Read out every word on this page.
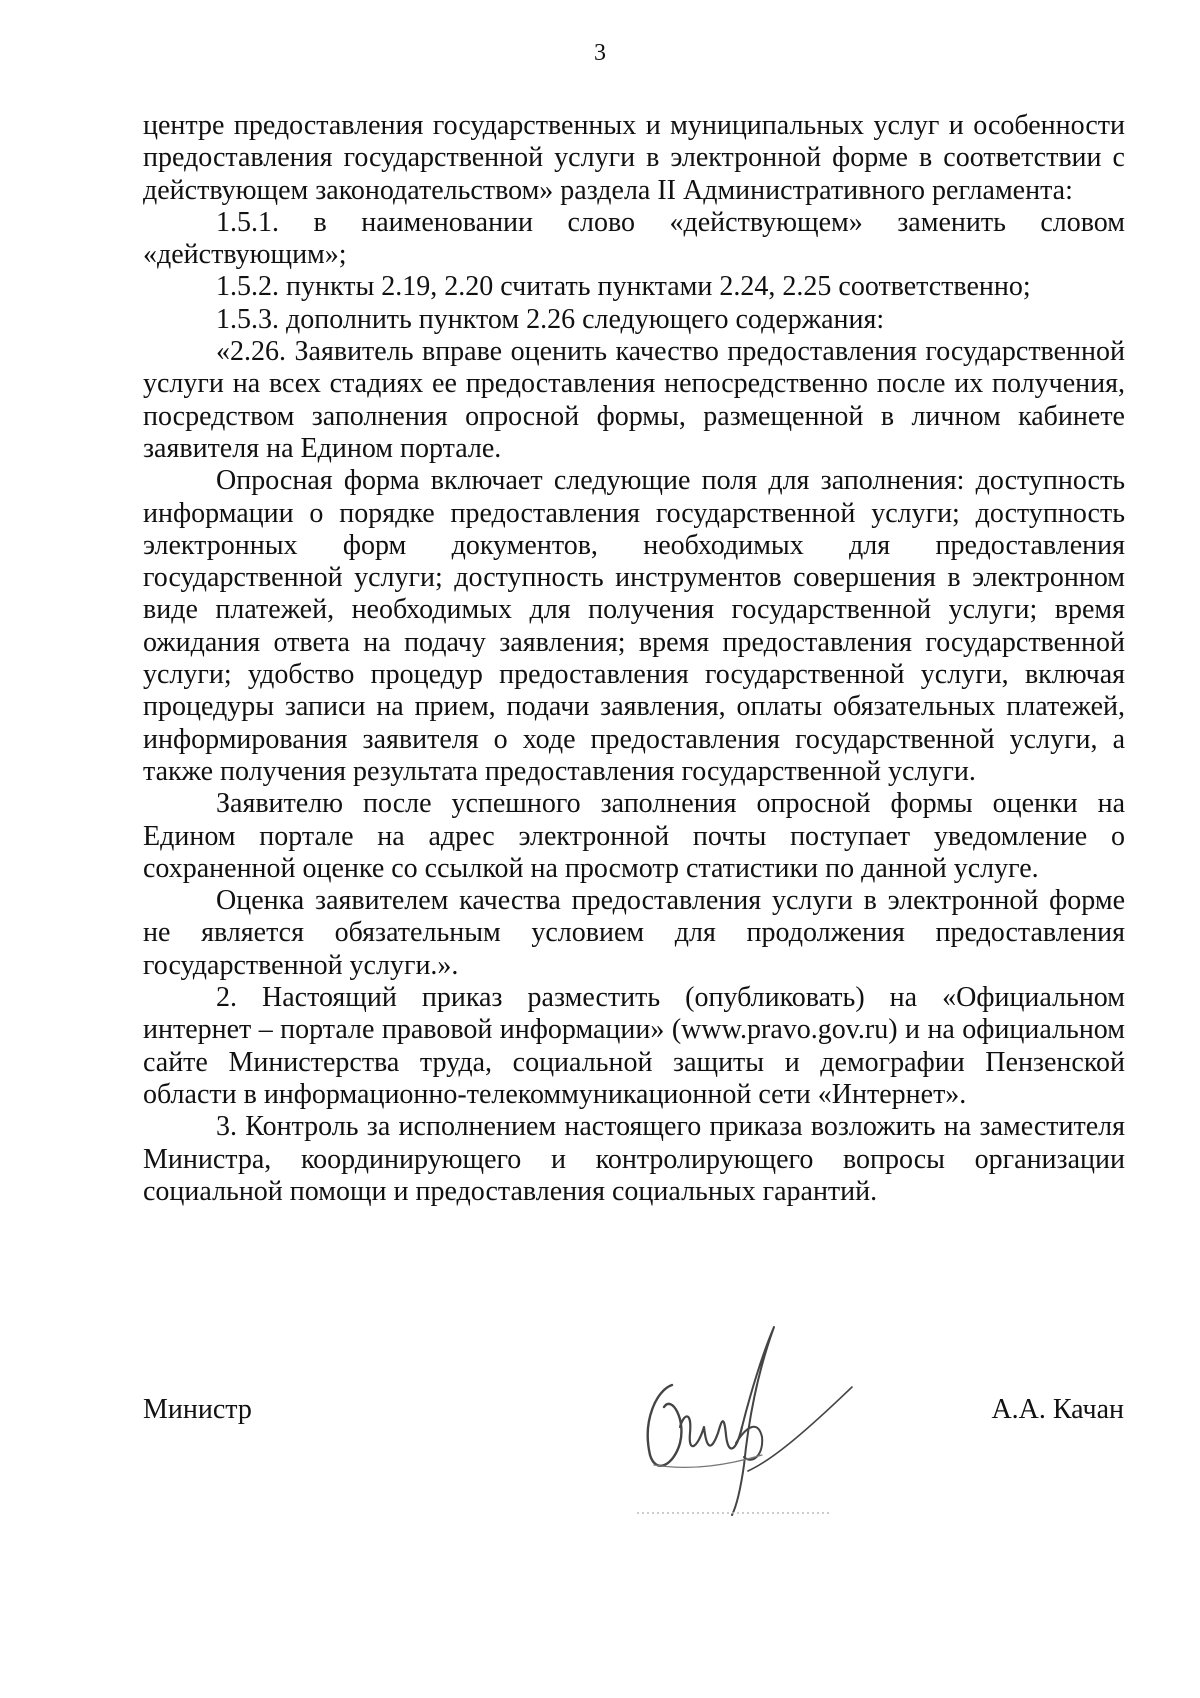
3

центре предоставления государственных и муниципальных услуг и особенности предоставления государственной услуги в электронной форме в соответствии с действующем законодательством» раздела II Административного регламента:

1.5.1. в наименовании слово «действующем» заменить словом «действующим»;

1.5.2. пункты 2.19, 2.20 считать пунктами 2.24, 2.25 соответственно;

1.5.3. дополнить пунктом 2.26 следующего содержания:

«2.26. Заявитель вправе оценить качество предоставления государственной услуги на всех стадиях ее предоставления непосредственно после их получения, посредством заполнения опросной формы, размещенной в личном кабинете заявителя на Едином портале.

Опросная форма включает следующие поля для заполнения: доступность информации о порядке предоставления государственной услуги; доступность электронных форм документов, необходимых для предоставления государственной услуги; доступность инструментов совершения в электронном виде платежей, необходимых для получения государственной услуги; время ожидания ответа на подачу заявления; время предоставления государственной услуги; удобство процедур предоставления государственной услуги, включая процедуры записи на прием, подачи заявления, оплаты обязательных платежей, информирования заявителя о ходе предоставления государственной услуги, а также получения результата предоставления государственной услуги.

Заявителю после успешного заполнения опросной формы оценки на Едином портале на адрес электронной почты поступает уведомление о сохраненной оценке со ссылкой на просмотр статистики по данной услуге.

Оценка заявителем качества предоставления услуги в электронной форме не является обязательным условием для продолжения предоставления государственной услуги.».

2. Настоящий приказ разместить (опубликовать) на «Официальном интернет – портале правовой информации» (www.pravo.gov.ru) и на официальном сайте Министерства труда, социальной защиты и демографии Пензенской области в информационно-телекоммуникационной сети «Интернет».

3. Контроль за исполнением настоящего приказа возложить на заместителя Министра, координирующего и контролирующего вопросы организации социальной помощи и предоставления социальных гарантий.

Министр	А.А. Качан
